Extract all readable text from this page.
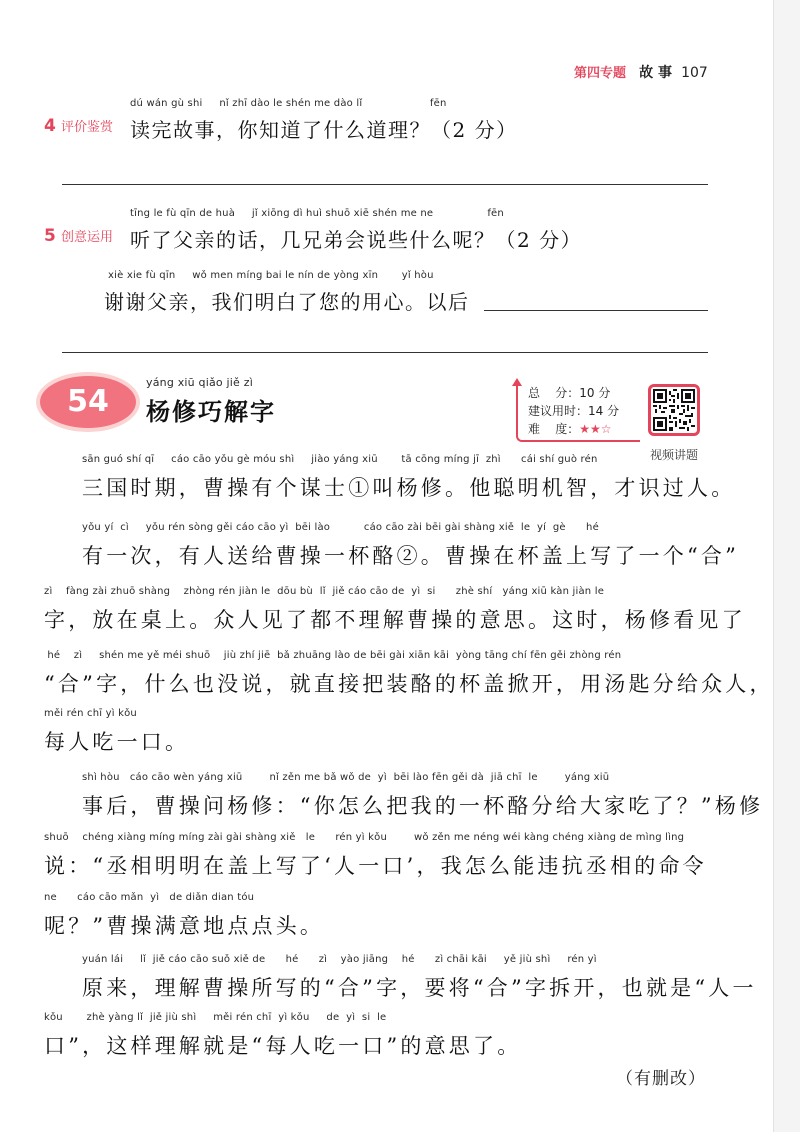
第四专题 故 事 107
dú wán gù shi     nǐ zhī dào le shén me dào lǐ                    fēn
4 评价鉴赏 读完故事，你知道了什么道理？（2 分）
tīng le fù qīn de huà     jǐ xiōng dì huì shuō xiē shén me ne                fēn
5 创意运用 听了父亲的话，几兄弟会说些什么呢？（2 分）
xiè xie fù qīn     wǒ men míng bai le nín de yòng xīn       yǐ hòu
谢谢父亲，我们明白了您的用心。以后
54
yáng xiū qiǎo jiě zì
杨修巧解字
总    分：10 分
建议用时：14 分
难    度：★★☆
视频讲题
sān guó shí qī     cáo cāo yǒu gè móu shì     jiào yáng xiū       tā cōng míng jī  zhì      cái shí guò rén
三国时期，曹操有个谋士①叫杨修。他聪明机智，才识过人。
yǒu yí  cì     yǒu rén sòng gěi cáo cāo yì  bēi lào          cáo cāo zài bēi gài shàng xiě  le  yí  gè      hé
有一次，有人送给曹操一杯酪②。曹操在杯盖上写了一个“合”
zì    fàng zài zhuō shàng    zhòng rén jiàn le  dōu bù  lǐ  jiě cáo cāo de  yì  si      zhè shí   yáng xiū kàn jiàn le
字，放在桌上。众人见了都不理解曹操的意思。这时，杨修看见了
hé    zì     shén me yě méi shuō    jiù zhí jiē  bǎ zhuāng lào de bēi gài xiān kāi  yòng tāng chí fēn gěi zhòng rén
“合”字，什么也没说，就直接把装酪的杯盖掀开，用汤匙分给众人，
měi rén chī yì kǒu
每人吃一口。
shì hòu   cáo cāo wèn yáng xiū        nǐ zěn me bǎ wǒ de  yì  bēi lào fēn gěi dà  jiā chī  le        yáng xiū
事后，曹操问杨修：“你怎么把我的一杯酪分给大家吃了？”杨修
shuō    chéng xiàng míng míng zài gài shàng xiě   le      rén yì kǒu        wǒ zěn me néng wéi kàng chéng xiàng de mìng lìng
说：“丞相明明在盖上写了‘人一口’，我怎么能违抗丞相的命令
ne      cáo cāo mǎn  yì   de diǎn dian tóu
呢？”曹操满意地点点头。
yuán lái     lǐ  jiě cáo cāo suǒ xiě de      hé      zì    yào jiāng    hé      zì chāi kāi     yě jiù shì     rén yì
原来，理解曹操所写的“合”字，要将“合”字拆开，也就是“人一
kǒu       zhè yàng lǐ  jiě jiù shì     měi rén chī  yì kǒu     de  yì  si  le
口”，这样理解就是“每人吃一口”的意思了。
（有删改）
